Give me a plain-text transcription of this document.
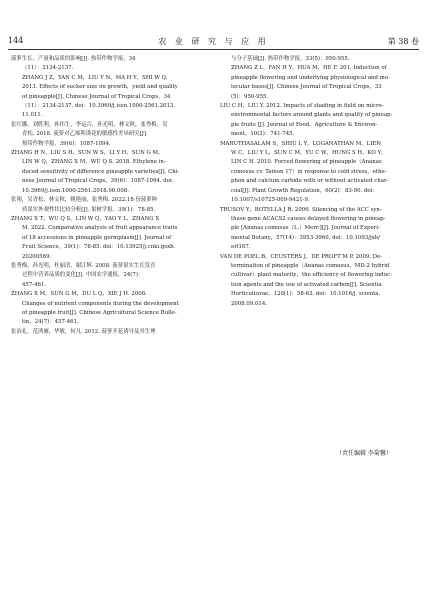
144	农 业 研 究 与 应 用	第 38 卷
菠萝生长、产量和品质的影响[J]. 热带作物学报，34
（11）：2134-2137.
ZHANG J Z，YAN C M，LIU Y N，MA H Y，SHI W Q.
2013. Effects of sucker size on growth，yield and quality
of pineapple[J]. Chinese Journal of Tropical Crops，34
（11）：2134-2137. doi：10.3969/j.issn.1000-2561.2013.
11.011.
张红娜，刘胜利，孙伟生，李运合，孙光明，林文秋，张秀梅，吴
青松. 2018. 菠萝对乙烯利诱花的敏感性差异研究[J].
热带作物学报，39(6)：1087-1094.
ZHANG H N，LIU S H，SUN W S，LI Y H，SUN G M，
LIN W Q，ZHANG X M，WU Q S. 2018. Ethylene in-
duced sensitivity of difference pineapple varieties[J]. Chi-
nese Journal of Tropical Crops，39(6)：1087-1094. doi：
10.3969/j.issn.1000-2561.2018.06.008.
张翔，吴青松，林文秋，姚艳丽，张秀梅. 2022.18 份菠萝种
质果实外观性状比较分析[J]. 果树学报，39(1)：78-85.
ZHANG X T，WU Q S，LIN W Q，YAO Y L，ZHANG X
M. 2022. Comparative analysis of fruit appearance traits
of 18 accessions in pineapple germplasm[J]. Journal of
Fruit Science，39(1)：78-85. doi：10.13925/j.cnki.gsxb.
20200569.
张秀梅，孙光明，杜丽清，谢江辉. 2008. 菠萝果实生长发育
过程中营养品质的变化[J]. 中国农学通报，24(7)：
457-461.
ZHANG X M，SUN G M，DU L Q，XIE J H. 2008.
Changes of nutrient components during the development
of pineapple fruit[J]. Chinese Agricultural Science Bulle-
tin，24(7)：457-461.
张治礼，范鸿雁，华敏，何凡. 2012. 菠萝开花诱导及其生理
与分子基础[J]. 热带作物学报，33(5)：950-955.
ZHANG Z L，FAN H Y，HUA M，HE F. 201. Induction of
pineapple flowering and underlying physiological and mo-
lecular bases[J]. Chinese Journal of Tropical Crops，33
(5)：950-955.
LIU C H，LIU Y. 2012. Impacts of shading in field on micro-
environmental factors around plants and quality of pineap-
ple fruits [J]. Journal of Food，Agriculture & Environ-
ment，10(2)：741-745.
MARUTHASALAM S，SHIU L Y，LOGANATHAN M，LIEN
W C，LIU Y L，SUN C M，YU C W，HUNG S H，KO Y，
LIN C H. 2010. Forced flowering of pineapple（Ananas
comosus cv. Tainon 17）in response to cold stress，ethe-
phon and calcium carbide with or without activated char-
coal[J]. Plant Growth Regulation，60(2)：83-90. doi：
10.1007/s10725-009-9421-9.
TRUSOV Y，BOTELLA J R. 2006. Silencing of the ACC syn-
thase gene ACACS2 causes delayed flowering in pineap-
ple [Ananas comosus（L.）Merr.][J]. Journal of Experi-
mental Botany，57(14)：3953-3960. doi：10.1093/jxb/
erl167.
VAN DE POEL B，CEUSTERS J，DE PROFT M P. 2009. De-
termination of pineapple（Ananas comosus，MD-2 hybrid
cultivar）plant maturity，the efficiency of flowering induc-
tion agents and the use of activated carbon[J]. Scientia
Horticulturae，120(1)：58-63. doi：10.1016/j. scienta.
2008.09.014.
（责任编辑 李菊馨）
